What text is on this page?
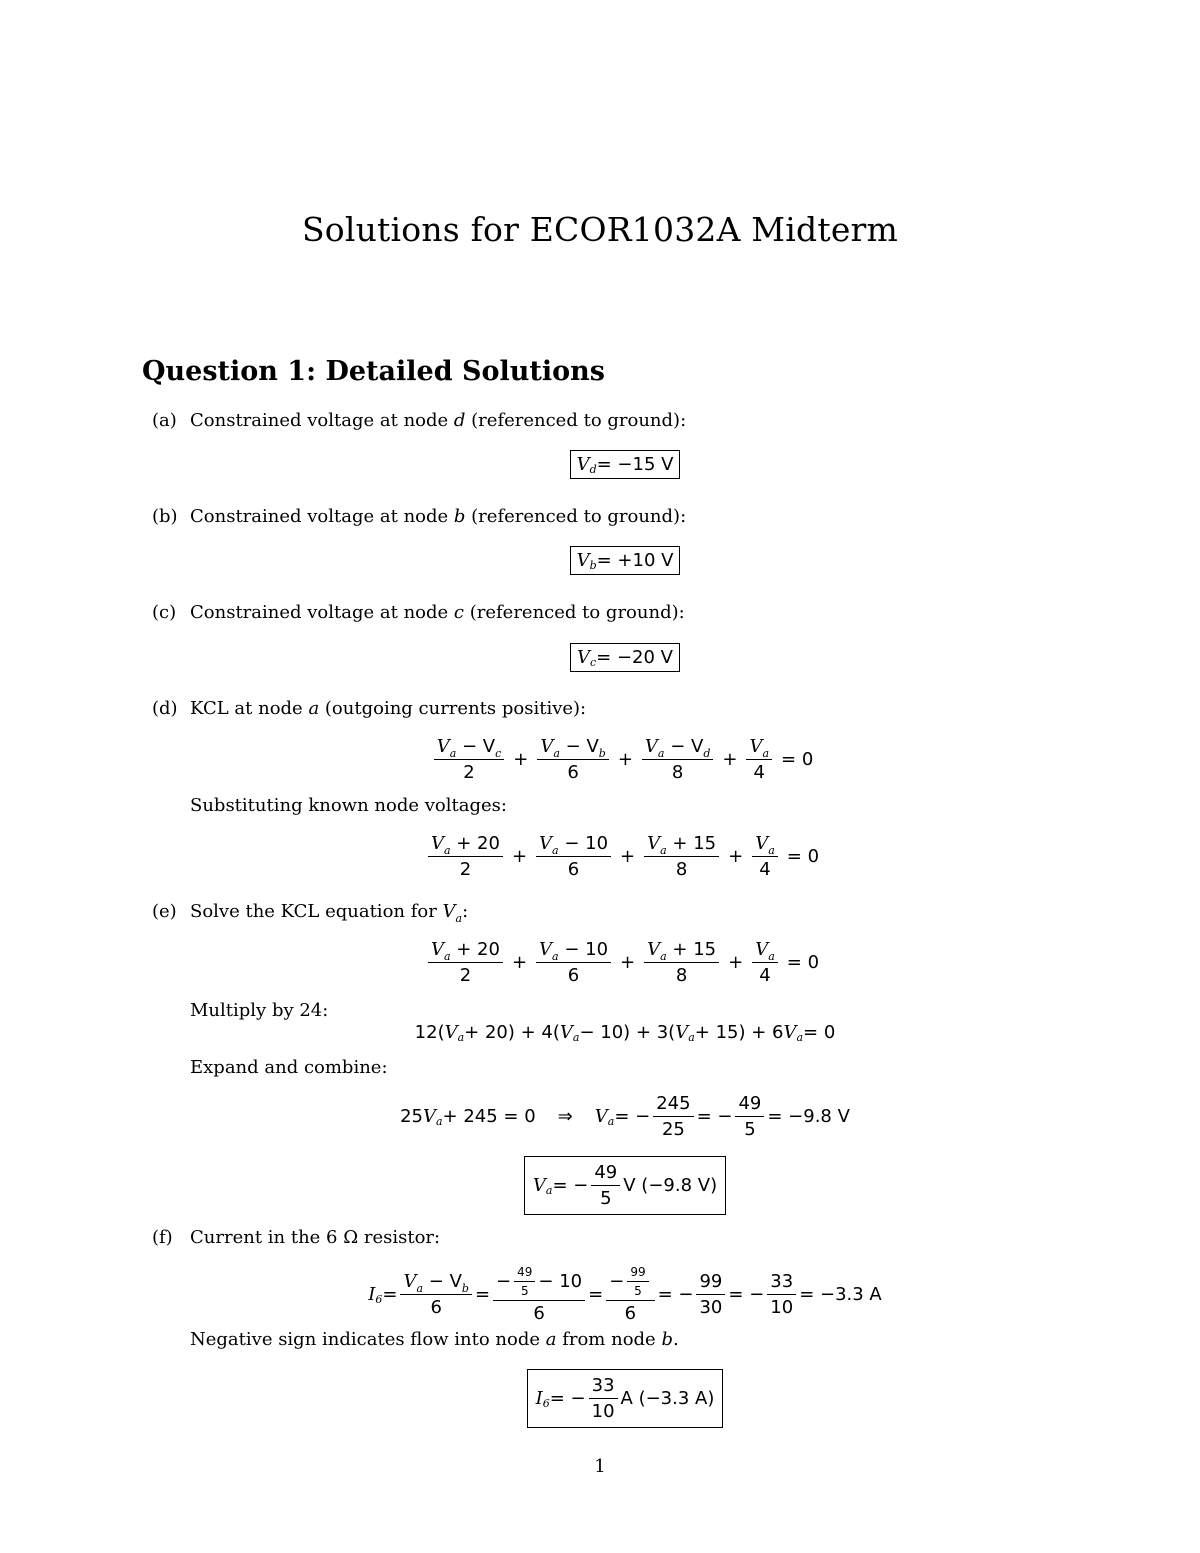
Solutions for ECOR1032A Midterm
Question 1: Detailed Solutions
(a) Constrained voltage at node d (referenced to ground):
V d = −15 V
(b) Constrained voltage at node b (referenced to ground):
V b = +10 V
(c) Constrained voltage at node c (referenced to ground):
V c = −20 V
(d) KCL at node a (outgoing currents positive):
$\frac{V_a - V_c}{2} + \frac{V_a - V_b}{6} + \frac{V_a - V_d}{8} + \frac{V_a}{4} = 0$
Substituting known node voltages:
$\frac{V_a + 20}{2} + \frac{V_a - 10}{6} + \frac{V_a + 15}{8} + \frac{V_a}{4} = 0$
(e) Solve the KCL equation for $V_a$:
$\frac{V_a + 20}{2} + \frac{V_a - 10}{6} + \frac{V_a + 15}{8} + \frac{V_a}{4} = 0$
Multiply by 24:
12( V a + 20) + 4( V a − 10) + 3( V a + 15) + 6 V a = 0
Expand and combine:
25 V a + 245 = 0 ⇒ V a = − $\frac{245}{25}$ = − $\frac{49}{5} = -9.8$ V
V a = − $\frac{49}{5}$ V (−9.8 V)
(f) Current in the 6 Ω resistor:
I $6 = \frac{V_a - V_b}{6} = \frac{- \frac{49}{5} - 10}{6} = \frac{- \frac{99}{5}}{6}$ = − $\frac{99}{30}$ = − $\frac{33}{10} = -3.3$ A
Negative sign indicates flow into node a from node b.
I 6 = − $\frac{33}{10}$ A (−3.3 A)
1
